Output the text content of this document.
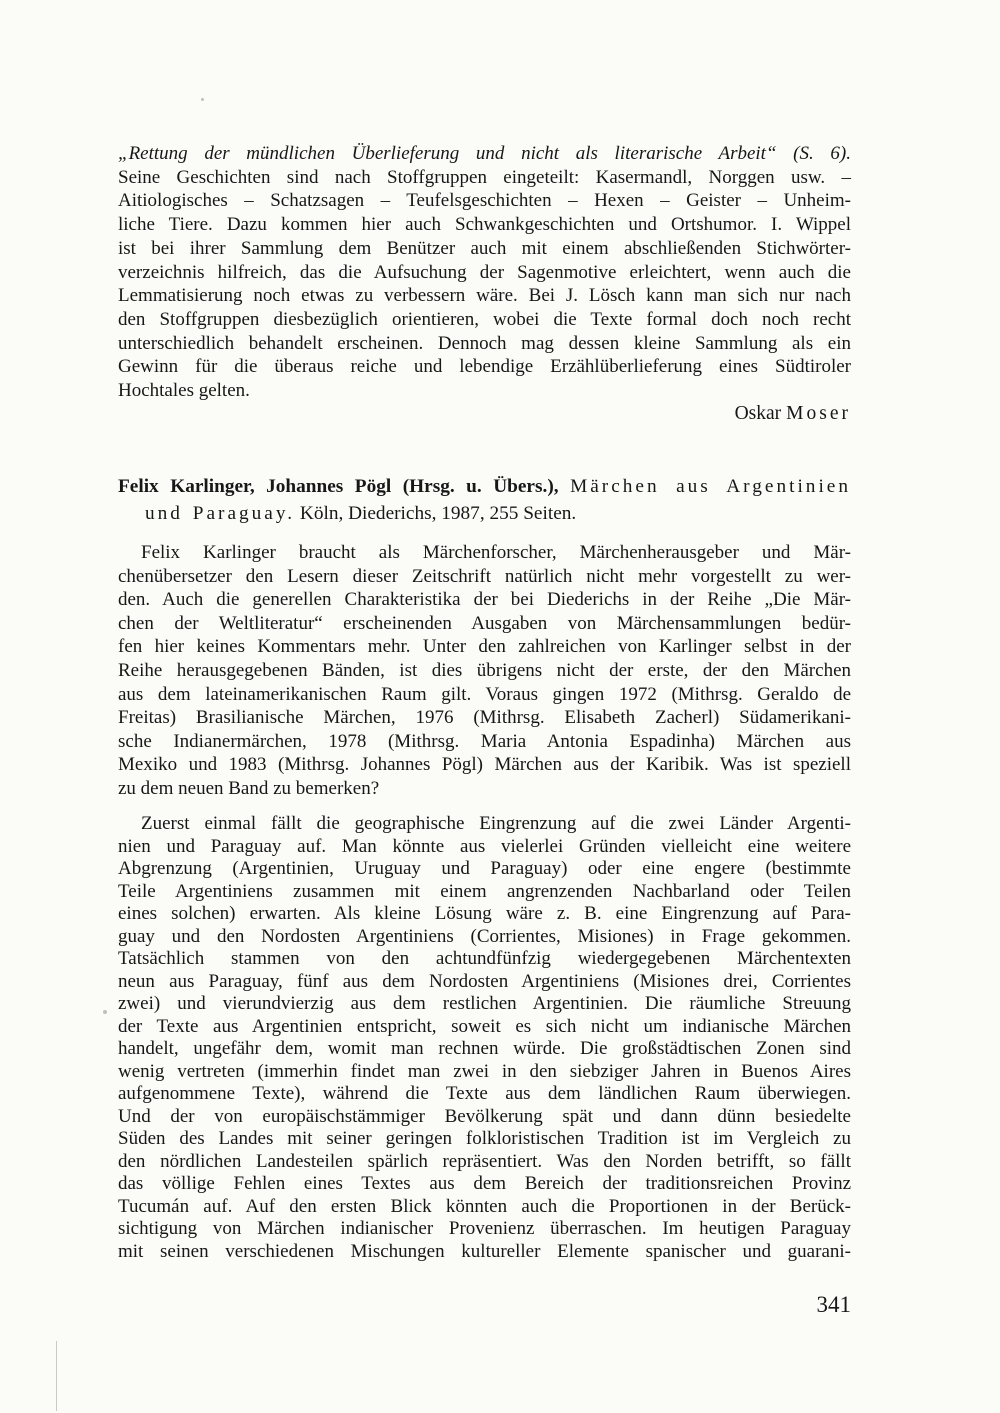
„Rettung der mündlichen Überlieferung und nicht als literarische Arbeit“ (S. 6).
Seine Geschichten sind nach Stoffgruppen eingeteilt: Kasermandl, Norggen usw. –
Aitiologisches – Schatzsagen – Teufelsgeschichten – Hexen – Geister – Unheim-
liche Tiere. Dazu kommen hier auch Schwankgeschichten und Ortshumor. I. Wippel
ist bei ihrer Sammlung dem Benützer auch mit einem abschließenden Stichwörter-
verzeichnis hilfreich, das die Aufsuchung der Sagenmotive erleichtert, wenn auch die
Lemmatisierung noch etwas zu verbessern wäre. Bei J. Lösch kann man sich nur nach
den Stoffgruppen diesbezüglich orientieren, wobei die Texte formal doch noch recht
unterschiedlich behandelt erscheinen. Dennoch mag dessen kleine Sammlung als ein
Gewinn für die überaus reiche und lebendige Erzählüberlieferung eines Südtiroler
Hochtales gelten.
Oskar Moser
Felix Karlinger, Johannes Pögl (Hrsg. u. Übers.), Märchen aus Argentinien
und Paraguay. Köln, Diederichs, 1987, 255 Seiten.
Felix Karlinger braucht als Märchenforscher, Märchenherausgeber und Mär-
chenübersetzer den Lesern dieser Zeitschrift natürlich nicht mehr vorgestellt zu wer-
den. Auch die generellen Charakteristika der bei Diederichs in der Reihe „Die Mär-
chen der Weltliteratur“ erscheinenden Ausgaben von Märchensammlungen bedür-
fen hier keines Kommentars mehr. Unter den zahlreichen von Karlinger selbst in der
Reihe herausgegebenen Bänden, ist dies übrigens nicht der erste, der den Märchen
aus dem lateinamerikanischen Raum gilt. Voraus gingen 1972 (Mithrsg. Geraldo de
Freitas) Brasilianische Märchen, 1976 (Mithrsg. Elisabeth Zacherl) Südamerikani-
sche Indianermärchen, 1978 (Mithrsg. Maria Antonia Espadinha) Märchen aus
Mexiko und 1983 (Mithrsg. Johannes Pögl) Märchen aus der Karibik. Was ist speziell
zu dem neuen Band zu bemerken?
Zuerst einmal fällt die geographische Eingrenzung auf die zwei Länder Argenti-
nien und Paraguay auf. Man könnte aus vielerlei Gründen vielleicht eine weitere
Abgrenzung (Argentinien, Uruguay und Paraguay) oder eine engere (bestimmte
Teile Argentiniens zusammen mit einem angrenzenden Nachbarland oder Teilen
eines solchen) erwarten. Als kleine Lösung wäre z. B. eine Eingrenzung auf Para-
guay und den Nordosten Argentiniens (Corrientes, Misiones) in Frage gekommen.
Tatsächlich stammen von den achtundfünfzig wiedergegebenen Märchentexten
neun aus Paraguay, fünf aus dem Nordosten Argentiniens (Misiones drei, Corrientes
zwei) und vierundvierzig aus dem restlichen Argentinien. Die räumliche Streuung
der Texte aus Argentinien entspricht, soweit es sich nicht um indianische Märchen
handelt, ungefähr dem, womit man rechnen würde. Die großstädtischen Zonen sind
wenig vertreten (immerhin findet man zwei in den siebziger Jahren in Buenos Aires
aufgenommene Texte), während die Texte aus dem ländlichen Raum überwiegen.
Und der von europäischstämmiger Bevölkerung spät und dann dünn besiedelte
Süden des Landes mit seiner geringen folkloristischen Tradition ist im Vergleich zu
den nördlichen Landesteilen spärlich repräsentiert. Was den Norden betrifft, so fällt
das völlige Fehlen eines Textes aus dem Bereich der traditionsreichen Provinz
Tucumán auf. Auf den ersten Blick könnten auch die Proportionen in der Berück-
sichtigung von Märchen indianischer Provenienz überraschen. Im heutigen Paraguay
mit seinen verschiedenen Mischungen kultureller Elemente spanischer und guarani-
341
